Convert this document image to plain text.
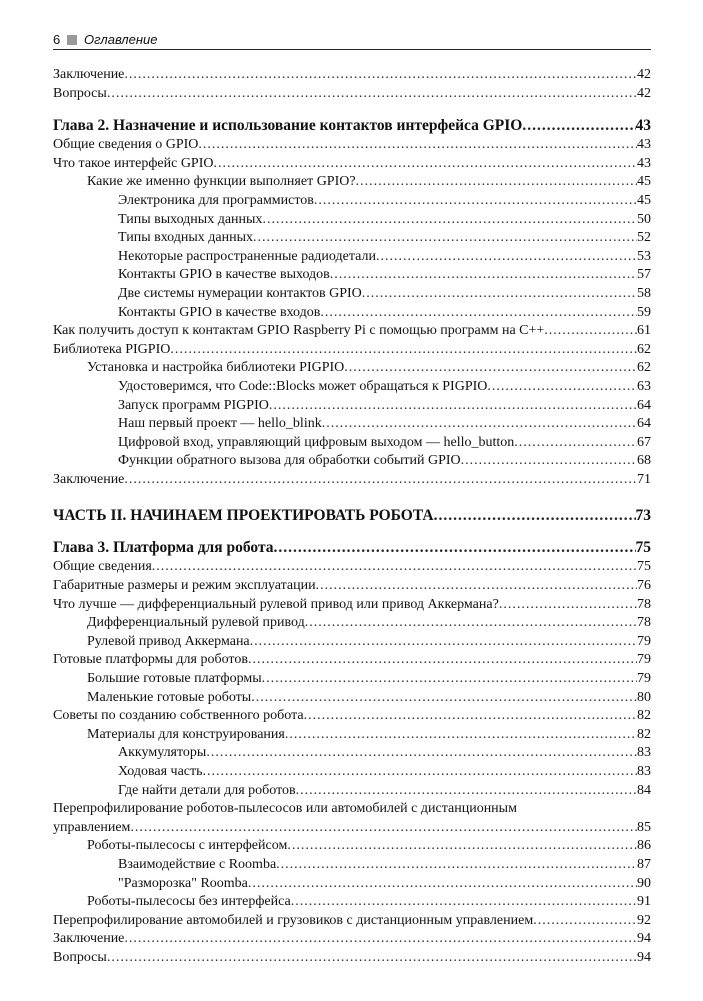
6 Оглавление
Заключение .....	42
Вопросы .....	42
Глава 2. Назначение и использование контактов интерфейса GPIO .....	43
Общие сведения о GPIO .....	43
Что такое интерфейс GPIO .....	43
Какие же именно функции выполняет GPIO? .....	45
Электроника для программистов .....	45
Типы выходных данных .....	50
Типы входных данных .....	52
Некоторые распространенные радиодетали .....	53
Контакты GPIO в качестве выходов .....	57
Две системы нумерации контактов GPIO .....	58
Контакты GPIO в качестве входов .....	59
Как получить доступ к контактам GPIO Raspberry Pi с помощью программ на C++ .....	61
Библиотека PIGPIO .....	62
Установка и настройка библиотеки PIGPIO .....	62
Удостоверимся, что Code::Blocks может обращаться к PIGPIO .....	63
Запуск программ PIGPIO .....	64
Наш первый проект — hello_blink .....	64
Цифровой вход, управляющий цифровым выходом — hello_button .....	67
Функции обратного вызова для обработки событий GPIO .....	68
Заключение .....	71
ЧАСТЬ II. НАЧИНАЕМ ПРОЕКТИРОВАТЬ РОБОТА .....	73
Глава 3. Платформа для робота .....	75
Общие сведения .....	75
Габаритные размеры и режим эксплуатации .....	76
Что лучше — дифференциальный рулевой привод или привод Аккермана? .....	78
Дифференциальный рулевой привод .....	78
Рулевой привод Аккермана .....	79
Готовые платформы для роботов .....	79
Большие готовые платформы .....	79
Маленькие готовые роботы .....	80
Советы по созданию собственного робота .....	82
Материалы для конструирования .....	82
Аккумуляторы .....	83
Ходовая часть .....	83
Где найти детали для роботов .....	84
Перепрофилирование роботов-пылесосов или автомобилей с дистанционным
управлением .....	85
Роботы-пылесосы с интерфейсом .....	86
Взаимодействие с Roomba .....	87
"Разморозка" Roomba .....	90
Роботы-пылесосы без интерфейса .....	91
Перепрофилирование автомобилей и грузовиков с дистанционным управлением .....	92
Заключение .....	94
Вопросы .....	94
